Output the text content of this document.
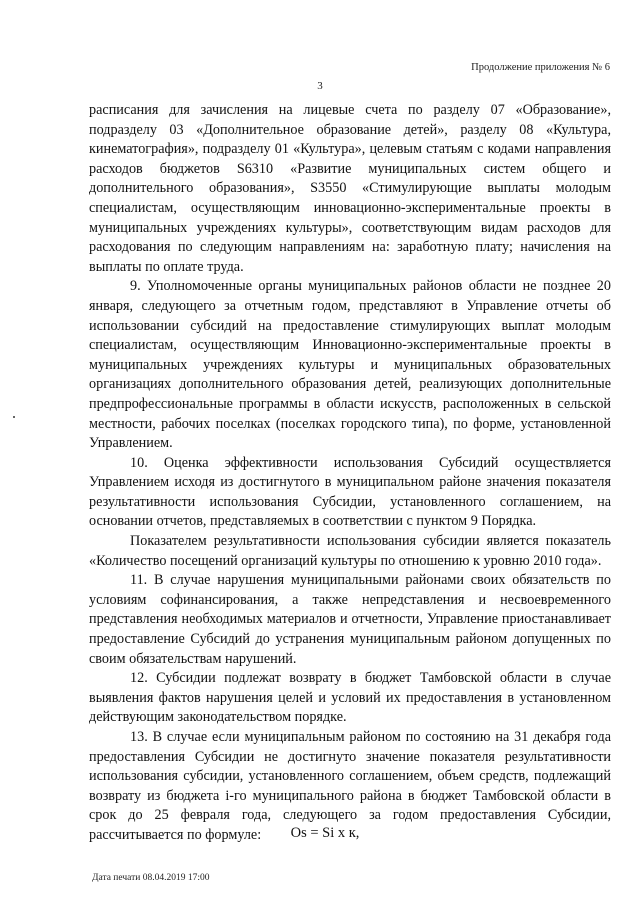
Продолжение приложения № 6
3

расписания для зачисления на лицевые счета по разделу 07 «Образование», подразделу 03 «Дополнительное образование детей», разделу 08 «Культура, кинематография», подразделу 01 «Культура», целевым статьям с кодами направления расходов бюджетов S6310 «Развитие муниципальных систем общего и дополнительного образования», S3550 «Стимулирующие выплаты молодым специалистам, осуществляющим инновационно-экспериментальные проекты в муниципальных учреждениях культуры», соответствующим видам расходов для расходования по следующим направлениям на: заработную плату; начисления на выплаты по оплате труда.

9. Уполномоченные органы муниципальных районов области не позднее 20 января, следующего за отчетным годом, представляют в Управление отчеты об использовании субсидий на предоставление стимулирующих выплат молодым специалистам, осуществляющим Инновационно-экспериментальные проекты в муниципальных учреждениях культуры и муниципальных образовательных организациях дополнительного образования детей, реализующих дополнительные предпрофессиональные программы в области искусств, расположенных в сельской местности, рабочих поселках (поселках городского типа), по форме, установленной Управлением.

10. Оценка эффективности использования Субсидий осуществляется Управлением исходя из достигнутого в муниципальном районе значения показателя результативности использования Субсидии, установленного соглашением, на основании отчетов, представляемых в соответствии с пунктом 9 Порядка.

Показателем результативности использования субсидии является показатель «Количество посещений организаций культуры по отношению к уровню 2010 года».

11. В случае нарушения муниципальными районами своих обязательств по условиям софинансирования, а также непредставления и несвоевременного представления необходимых материалов и отчетности, Управление приостанавливает предоставление Субсидий до устранения муниципальным районом допущенных по своим обязательствам нарушений.

12. Субсидии подлежат возврату в бюджет Тамбовской области в случае выявления фактов нарушения целей и условий их предоставления в установленном действующим законодательством порядке.

13. В случае если муниципальным районом по состоянию на 31 декабря года предоставления Субсидии не достигнуто значение показателя результативности использования субсидии, установленного соглашением, объем средств, подлежащий возврату из бюджета i-го муниципального района в бюджет Тамбовской области в срок до 25 февраля года, следующего за годом предоставления Субсидии, рассчитывается по формуле:	Os = Si x к,
Дата печати 08.04.2019 17:00
